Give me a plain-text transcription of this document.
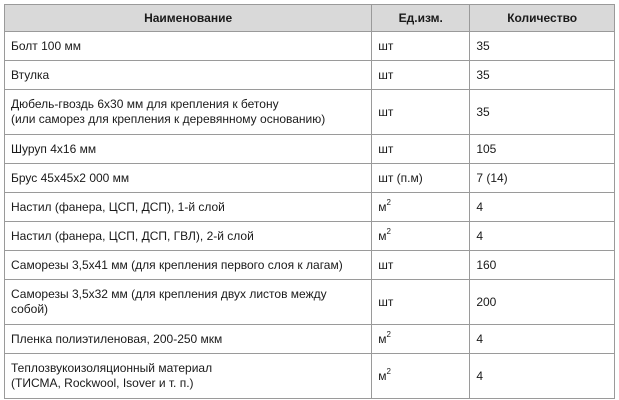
Наименование	Ед.изм.	Количество
Болт 100 мм	шт	35
Втулка	шт	35
Дюбель-гвоздь 6х30 мм для крепления к бетону
(или саморез для крепления к деревянному основанию)	шт	35
Шуруп 4х16 мм	шт	105
Брус 45х45х2 000 мм	шт (п.м)	7 (14)
Настил (фанера, ЦСП, ДСП), 1-й слой	$м^2$	4
Настил (фанера, ЦСП, ДСП, ГВЛ), 2-й слой	$м^2$	4
Саморезы 3,5х41 мм (для крепления первого слоя к лагам)	шт	160
Саморезы 3,5х32 мм (для крепления двух листов между
собой)	шт	200
Пленка полиэтиленовая, 200-250 мкм	$м^2$	4
Теплозвукоизоляционный материал
(ТИСМА, Rockwool, Isover и т. п.)	$м^2$	4
